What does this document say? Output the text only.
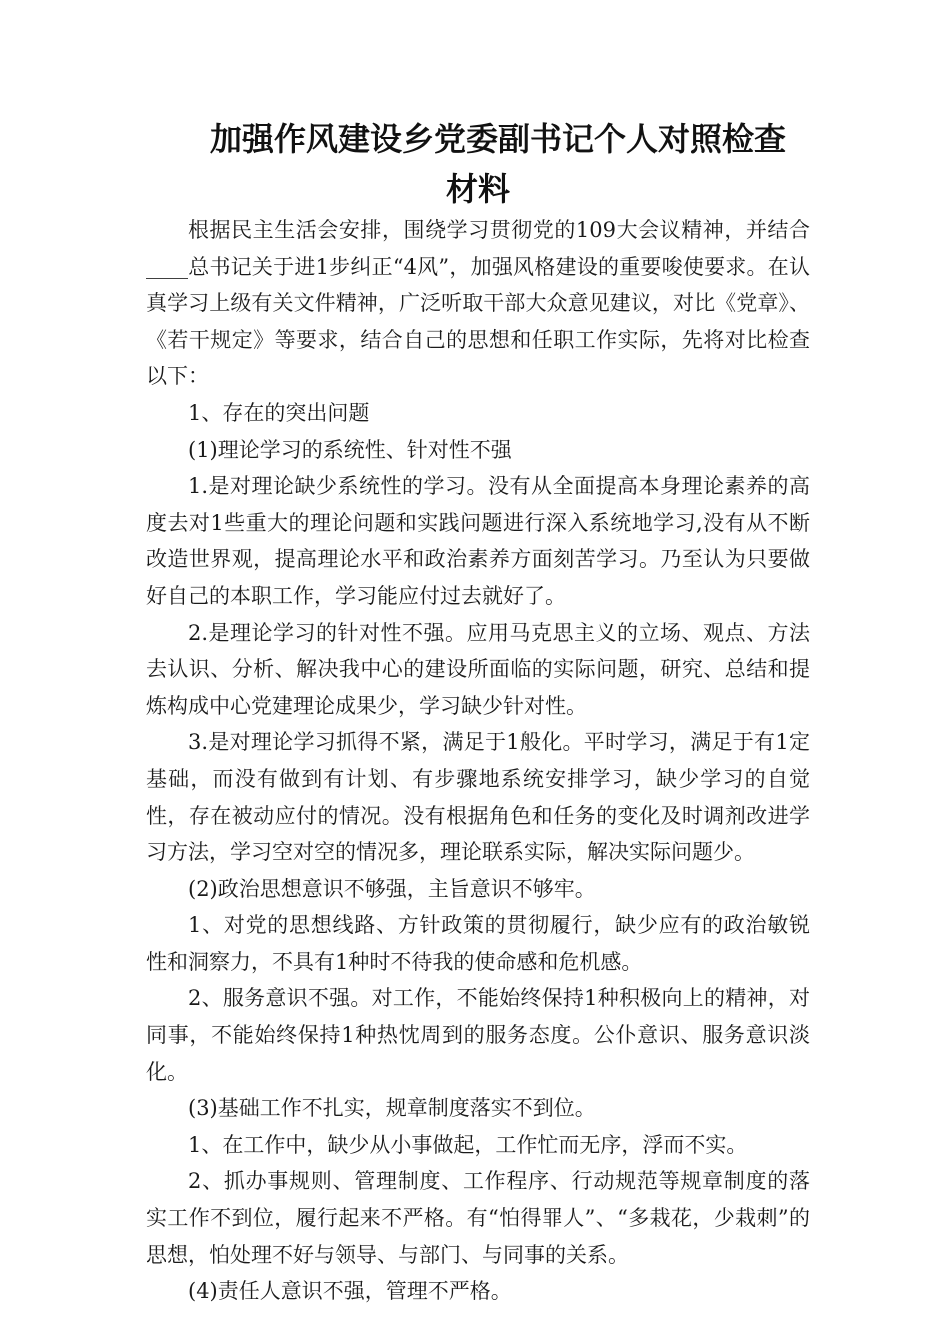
加强作风建设乡党委副书记个人对照检查
材料

根据民主生活会安排，围绕学习贯彻党的109大会议精神，并结合____总书记关于进1步纠正“4风”，加强风格建设的重要唆使要求。在认真学习上级有关文件精神，广泛听取干部大众意见建议，对比《党章》、《若干规定》等要求，结合自己的思想和任职工作实际，先将对比检查以下：

1、存在的突出问题

(1)理论学习的系统性、针对性不强

1.是对理论缺少系统性的学习。没有从全面提高本身理论素养的高度去对1些重大的理论问题和实践问题进行深入系统地学习,没有从不断改造世界观，提高理论水平和政治素养方面刻苦学习。乃至认为只要做好自己的本职工作，学习能应付过去就好了。

2.是理论学习的针对性不强。应用马克思主义的立场、观点、方法去认识、分析、解决我中心的建设所面临的实际问题，研究、总结和提炼构成中心党建理论成果少，学习缺少针对性。

3.是对理论学习抓得不紧，满足于1般化。平时学习，满足于有1定基础，而没有做到有计划、有步骤地系统安排学习，缺少学习的自觉性，存在被动应付的情况。没有根据角色和任务的变化及时调剂改进学习方法，学习空对空的情况多，理论联系实际，解决实际问题少。

(2)政治思想意识不够强，主旨意识不够牢。

1、对党的思想线路、方针政策的贯彻履行，缺少应有的政治敏锐性和洞察力，不具有1种时不待我的使命感和危机感。

2、服务意识不强。对工作，不能始终保持1种积极向上的精神，对同事，不能始终保持1种热忱周到的服务态度。公仆意识、服务意识淡化。

(3)基础工作不扎实，规章制度落实不到位。

1、在工作中，缺少从小事做起，工作忙而无序，浮而不实。

2、抓办事规则、管理制度、工作程序、行动规范等规章制度的落实工作不到位，履行起来不严格。有“怕得罪人”、“多栽花，少栽刺”的思想，怕处理不好与领导、与部门、与同事的关系。

(4)责任人意识不强，管理不严格。
